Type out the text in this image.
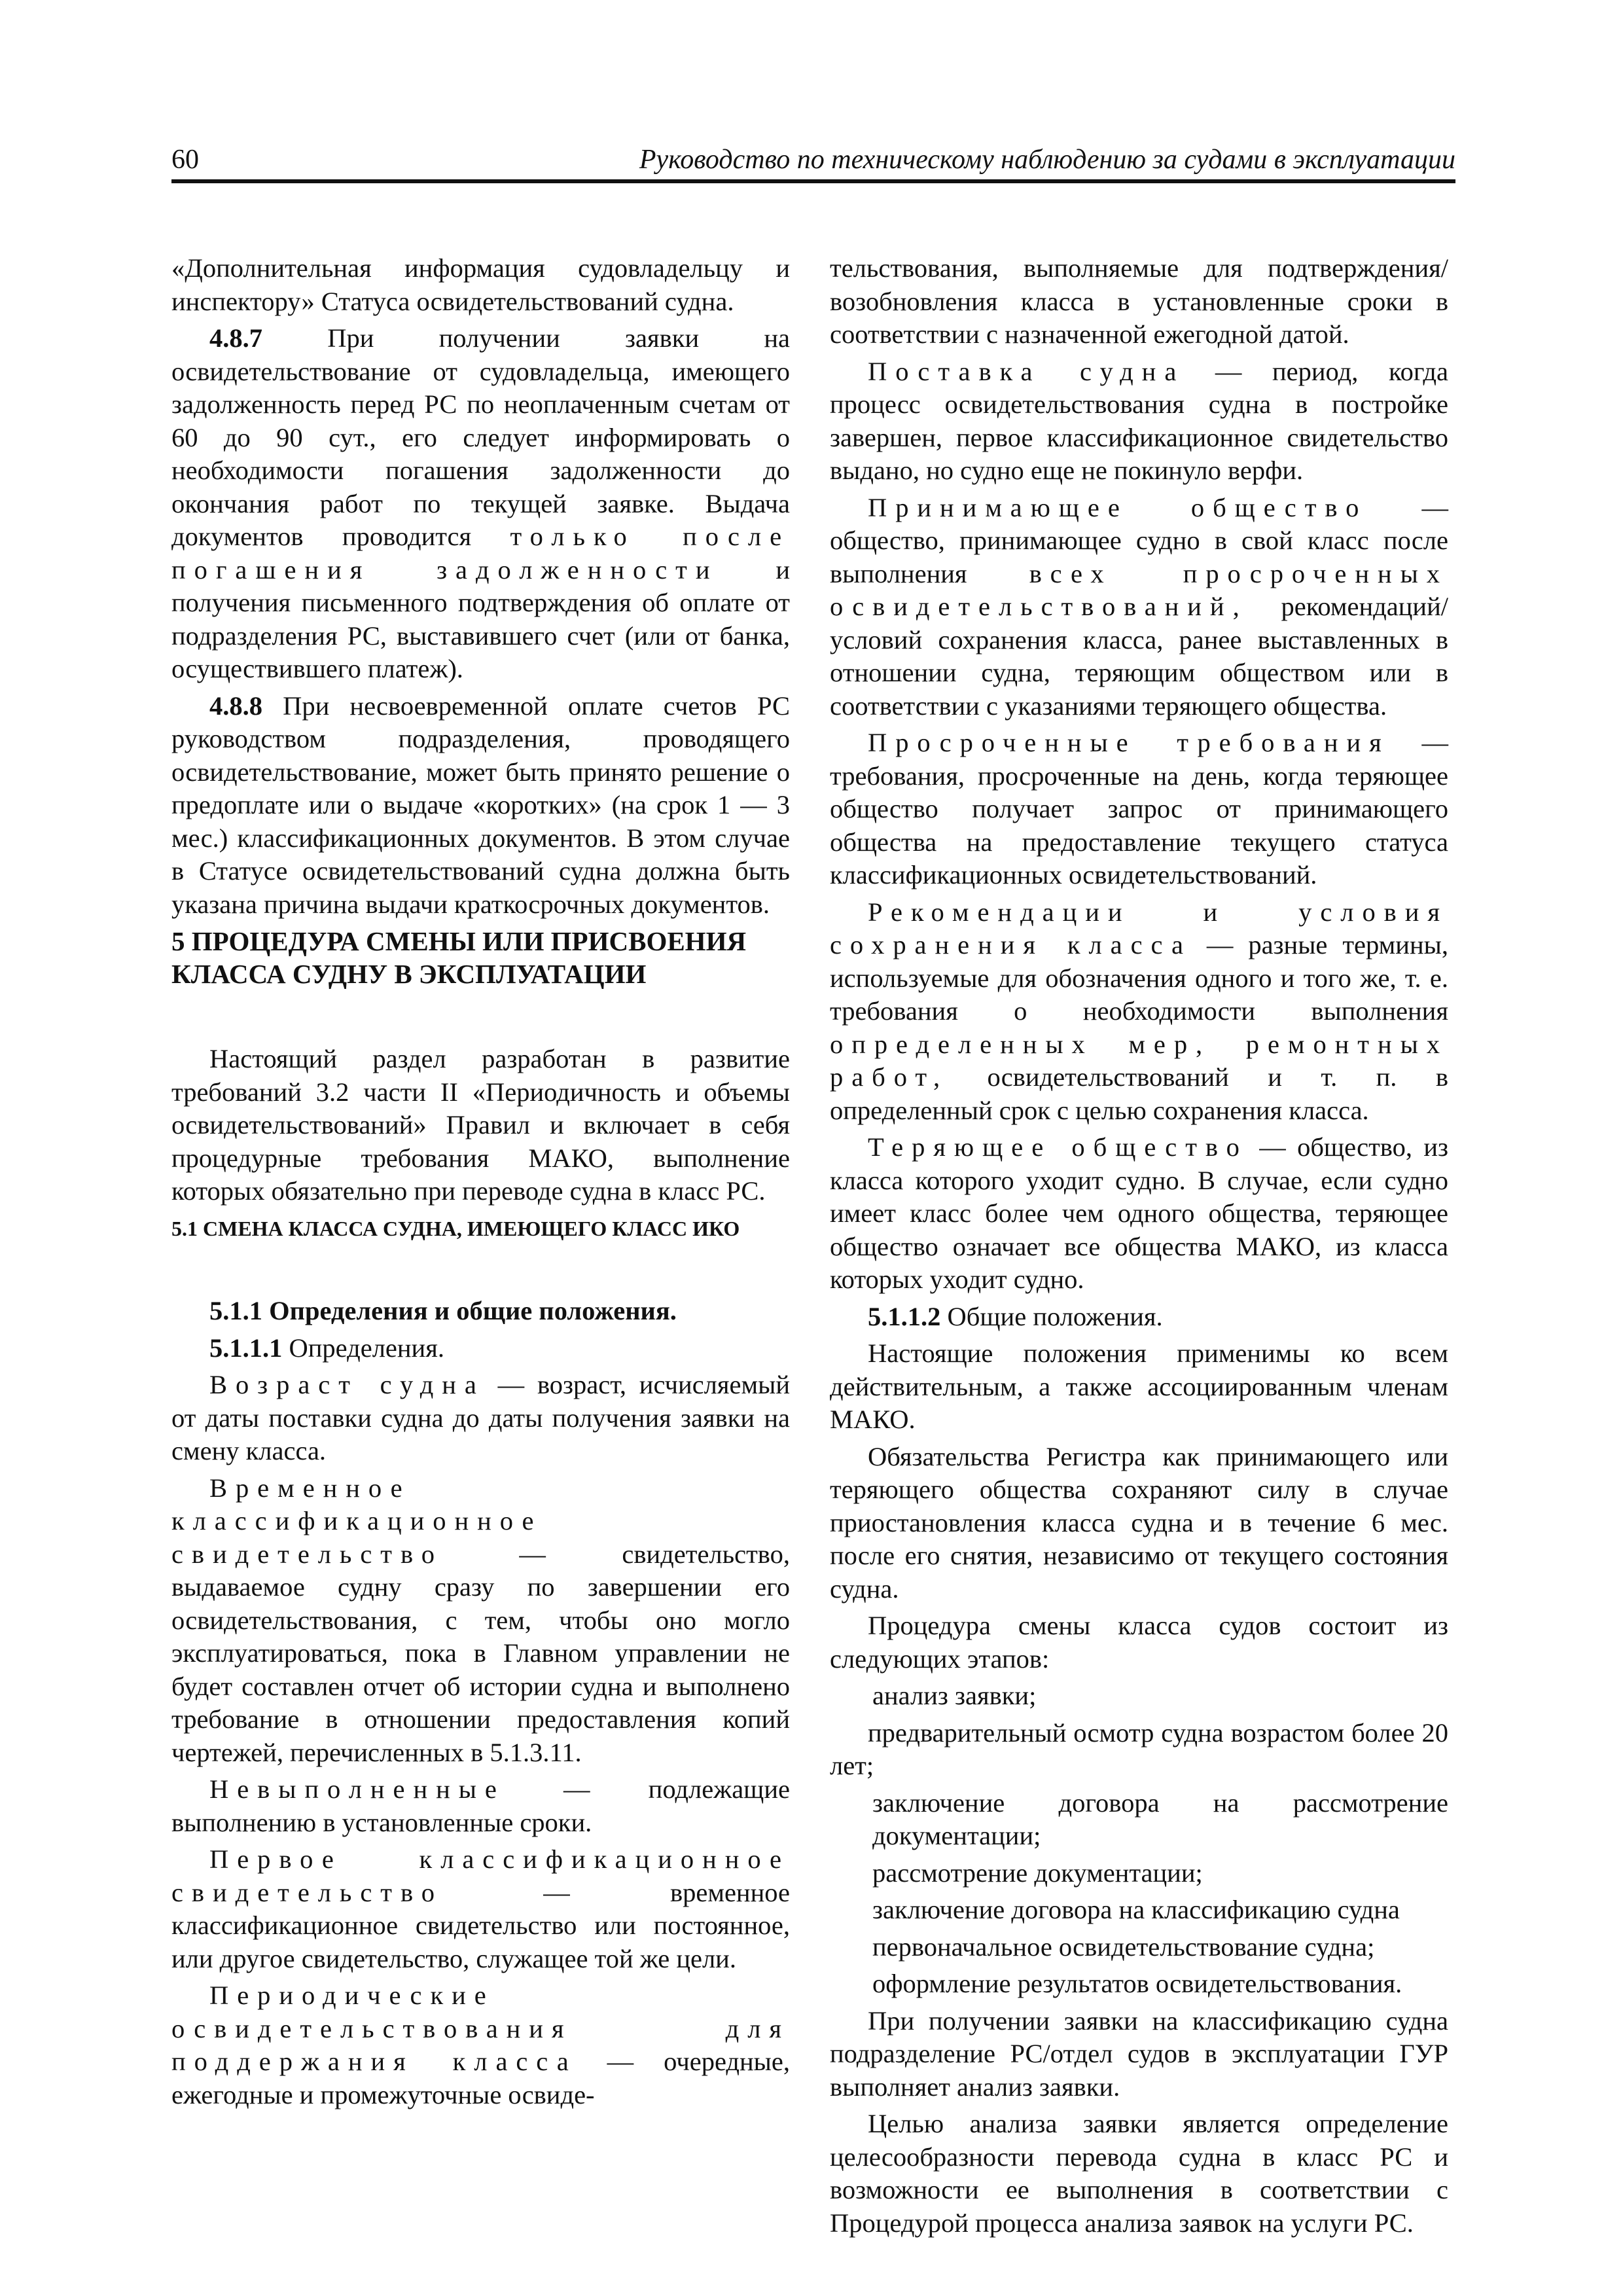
60	Руководство по техническому наблюдению за судами в эксплуатации

«Дополнительная информация судовладельцу и инспектору» Статуса освидетельствований судна.

4.8.7 При получении заявки на освидетельствование от судовладельца, имеющего задолженность перед РС по неоплаченным счетам от 60 до 90 сут., его следует информировать о необходимости погашения задолженности до окончания работ по текущей заявке. Выдача документов проводится только после погашения задолженности и получения письменного подтверждения об оплате от подразделения РС, выставившего счет (или от банка, осуществившего платеж).

4.8.8 При несвоевременной оплате счетов РС руководством подразделения, проводящего освидетельствование, может быть принято решение о предоплате или о выдаче «коротких» (на срок 1 — 3 мес.) классификационных документов. В этом случае в Статусе освидетельствований судна должна быть указана причина выдачи краткосрочных документов.

5 ПРОЦЕДУРА СМЕНЫ ИЛИ ПРИСВОЕНИЯ
КЛАССА СУДНУ В ЭКСПЛУАТАЦИИ

Настоящий раздел разработан в развитие требований 3.2 части II «Периодичность и объемы освидетельствований» Правил и включает в себя процедурные требования МАКО, выполнение которых обязательно при переводе судна в класс РС.

5.1 СМЕНА КЛАССА СУДНА, ИМЕЮЩЕГО КЛАСС ИКО

5.1.1 Определения и общие положения.

5.1.1.1 Определения.

Возраст судна — возраст, исчисляемый от даты поставки судна до даты получения заявки на смену класса.

Временное классификационное свидетельство — свидетельство, выдаваемое судну сразу по завершении его освидетельствования, с тем, чтобы оно могло эксплуатироваться, пока в Главном управлении не будет составлен отчет об истории судна и выполнено требование в отношении предоставления копий чертежей, перечисленных в 5.1.3.11.

Невыполненные — подлежащие выполнению в установленные сроки.

Первое классификационное свидетельство — временное классификационное свидетельство или постоянное, или другое свидетельство, служащее той же цели.

Периодические освидетельствования для поддержания класса — очередные, ежегодные и промежуточные освиде-

тельствования, выполняемые для подтверждения/возобновления класса в установленные сроки в соответствии с назначенной ежегодной датой.

Поставка судна — период, когда процесс освидетельствования судна в постройке завершен, первое классификационное свидетельство выдано, но судно еще не покинуло верфи.

Принимающее общество — общество, принимающее судно в свой класс после выполнения всех просроченных освидетельствований, рекомендаций/условий сохранения класса, ранее выставленных в отношении судна, теряющим обществом или в соответствии с указаниями теряющего общества.

Просроченные требования — требования, просроченные на день, когда теряющее общество получает запрос от принимающего общества на предоставление текущего статуса классификационных освидетельствований.

Рекомендации и условия сохранения класса — разные термины, используемые для обозначения одного и того же, т. е. требования о необходимости выполнения определенных мер, ремонтных работ, освидетельствований и т. п. в определенный срок с целью сохранения класса.

Теряющее общество — общество, из класса которого уходит судно. В случае, если судно имеет класс более чем одного общества, теряющее общество означает все общества МАКО, из класса которых уходит судно.

5.1.1.2 Общие положения.

Настоящие положения применимы ко всем действительным, а также ассоциированным членам МАКО.

Обязательства Регистра как принимающего или теряющего общества сохраняют силу в случае приостановления класса судна и в течение 6 мес. после его снятия, независимо от текущего состояния судна.

Процедура смены класса судов состоит из следующих этапов:

анализ заявки;

предварительный осмотр судна возрастом более 20 лет;

заключение договора на рассмотрение документации;

рассмотрение документации;

заключение договора на классификацию судна

первоначальное освидетельствование судна;

оформление результатов освидетельствования.

При получении заявки на классификацию судна подразделение РС/отдел судов в эксплуатации ГУР выполняет анализ заявки.

Целью анализа заявки является определение целесообразности перевода судна в класс РС и возможности ее выполнения в соответствии с Процедурой процесса анализа заявок на услуги РС.
